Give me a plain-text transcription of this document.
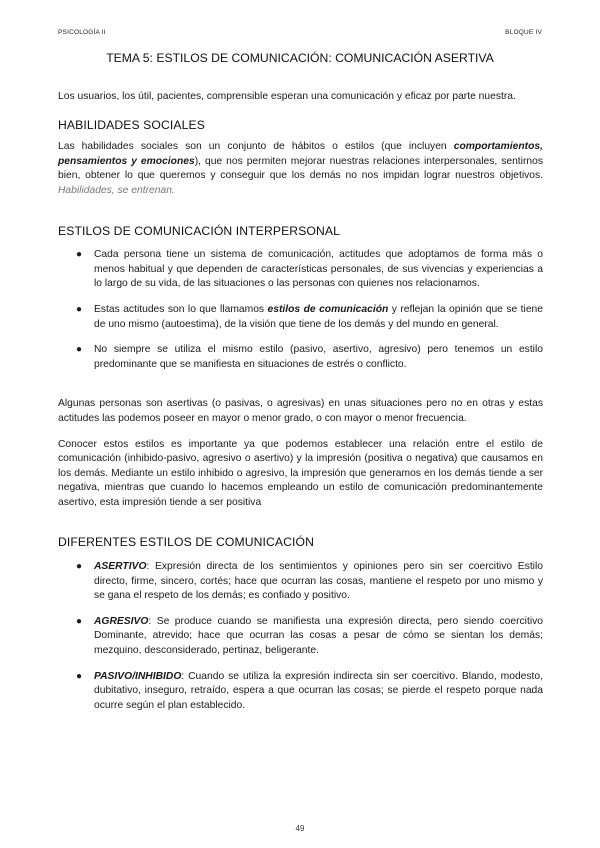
PSICOLOGÍA II	BLOQUE IV
TEMA 5: ESTILOS DE COMUNICACIÓN: COMUNICACIÓN ASERTIVA

Los usuarios, los útil, pacientes, comprensible esperan una comunicación y eficaz por parte nuestra.

HABILIDADES SOCIALES

Las habilidades sociales son un conjunto de hábitos o estilos (que incluyen comportamientos, pensamientos y emociones), que nos permiten mejorar nuestras relaciones interpersonales, sentirnos bien, obtener lo que queremos y conseguir que los demás no nos impidan lograr nuestros objetivos. Habilidades, se entrenan.

ESTILOS DE COMUNICACIÓN INTERPERSONAL
● Cada persona tiene un sistema de comunicación, actitudes que adoptamos de forma más o menos habitual y que dependen de características personales, de sus vivencias y experiencias a lo largo de su vida, de las situaciones o las personas con quienes nos relacionamos.
● Estas actitudes son lo que llamamos estilos de comunicación y reflejan la opinión que se tiene de uno mismo (autoestima), de la visión que tiene de los demás y del mundo en general.
● No siempre se utiliza el mismo estilo (pasivo, asertivo, agresivo) pero tenemos un estilo predominante que se manifiesta en situaciones de estrés o conflicto.

Algunas personas son asertivas (o pasivas, o agresivas) en unas situaciones pero no en otras y estas actitudes las podemos poseer en mayor o menor grado, o con mayor o menor frecuencia.

Conocer estos estilos es importante ya que podemos establecer una relación entre el estilo de comunicación (inhibido-pasivo, agresivo o asertivo) y la impresión (positiva o negativa) que causamos en los demás. Mediante un estilo inhibido o agresivo, la impresión que generamos en los demás tiende a ser negativa, mientras que cuando lo hacemos empleando un estilo de comunicación predominantemente asertivo, esta impresión tiende a ser positiva

DIFERENTES ESTILOS DE COMUNICACIÓN
● ASERTIVO: Expresión directa de los sentimientos y opiniones pero sin ser coercitivo Estilo directo, firme, sincero, cortés; hace que ocurran las cosas, mantiene el respeto por uno mismo y se gana el respeto de los demás; es confiado y positivo.
● AGRESIVO: Se produce cuando se manifiesta una expresión directa, pero siendo coercitivo Dominante, atrevido; hace que ocurran las cosas a pesar de cómo se sientan los demás; mezquino, desconsiderado, pertinaz, beligerante.
● PASIVO/INHIBIDO: Cuando se utiliza la expresión indirecta sin ser coercitivo. Blando, modesto, dubitativo, inseguro, retraído, espera a que ocurran las cosas; se pierde el respeto porque nada ocurre según el plan establecido.
49
